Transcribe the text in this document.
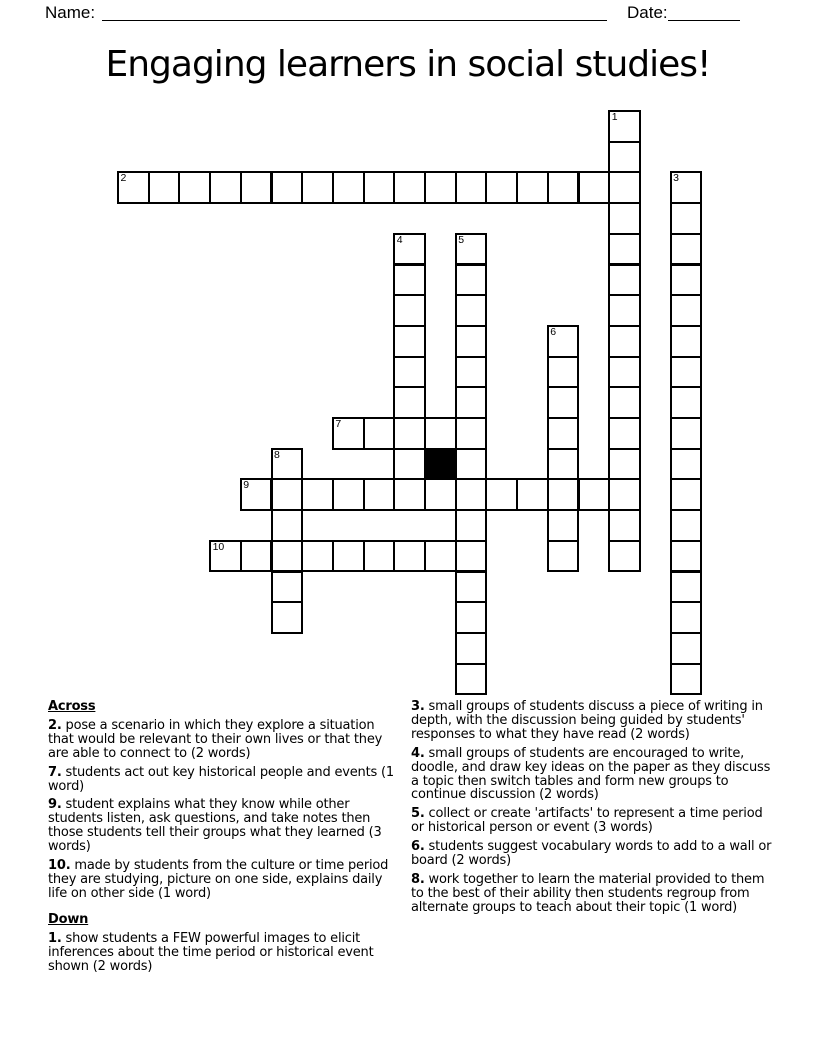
Name:	Date:
Engaging learners in social studies!
1
2	3
4	5
6
7
8
9
10
Across
2. pose a scenario in which they explore a situation that would be relevant to their own lives or that they are able to connect to (2 words)
7. students act out key historical people and events (1 word)
9. student explains what they know while other students listen, ask questions, and take notes then those students tell their groups what they learned (3 words)
10. made by students from the culture or time period they are studying, picture on one side, explains daily life on other side (1 word)
Down
1. show students a FEW powerful images to elicit inferences about the time period or historical event shown (2 words)
3. small groups of students discuss a piece of writing in depth, with the discussion being guided by students' responses to what they have read (2 words)
4. small groups of students are encouraged to write, doodle, and draw key ideas on the paper as they discuss a topic then switch tables and form new groups to continue discussion (2 words)
5. collect or create 'artifacts' to represent a time period or historical person or event (3 words)
6. students suggest vocabulary words to add to a wall or board (2 words)
8. work together to learn the material provided to them to the best of their ability then students regroup from alternate groups to teach about their topic (1 word)
